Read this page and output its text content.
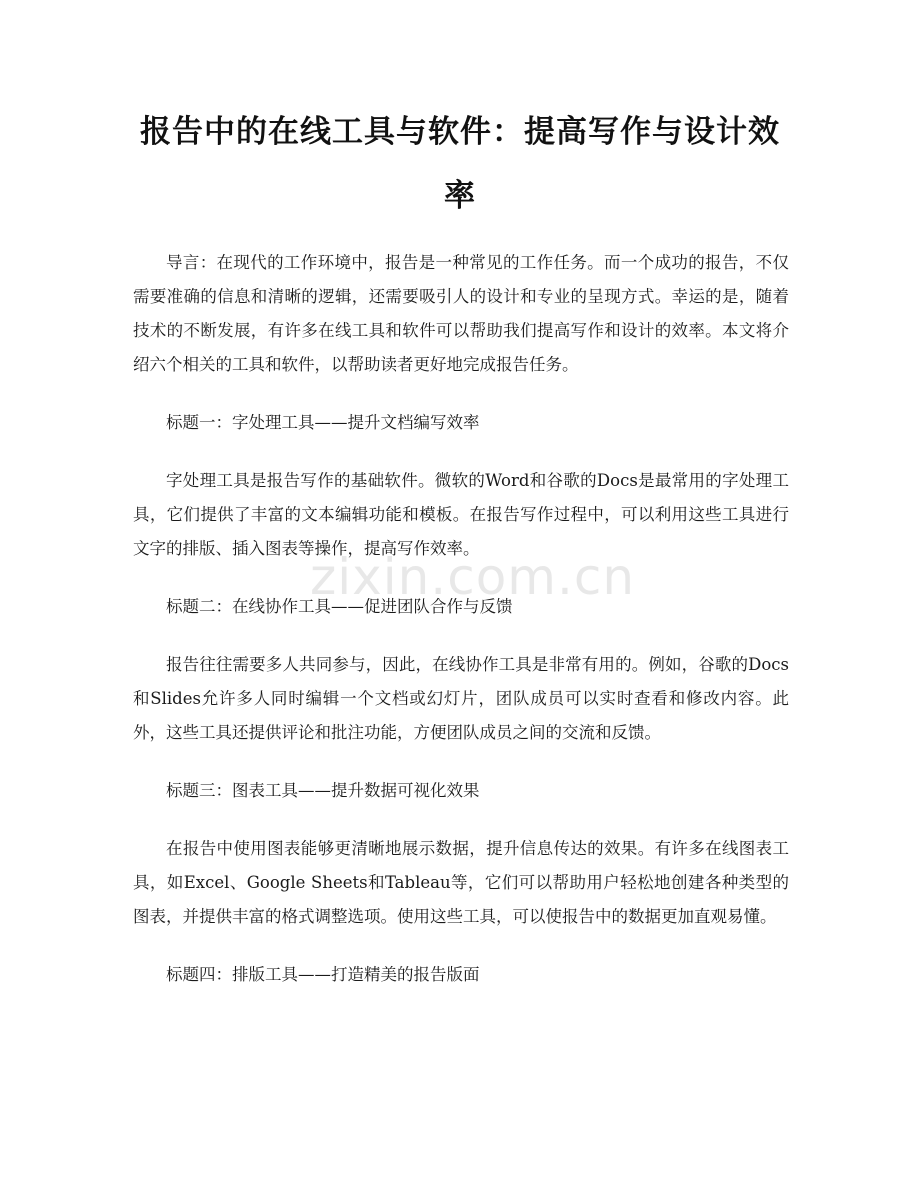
报告中的在线工具与软件：提高写作与设计效率

导言：在现代的工作环境中，报告是一种常见的工作任务。而一个成功的报告，不仅需要准确的信息和清晰的逻辑，还需要吸引人的设计和专业的呈现方式。幸运的是，随着技术的不断发展，有许多在线工具和软件可以帮助我们提高写作和设计的效率。本文将介绍六个相关的工具和软件，以帮助读者更好地完成报告任务。

标题一：字处理工具——提升文档编写效率

字处理工具是报告写作的基础软件。微软的Word和谷歌的Docs是最常用的字处理工具，它们提供了丰富的文本编辑功能和模板。在报告写作过程中，可以利用这些工具进行文字的排版、插入图表等操作，提高写作效率。

标题二：在线协作工具——促进团队合作与反馈

报告往往需要多人共同参与，因此，在线协作工具是非常有用的。例如，谷歌的Docs和Slides允许多人同时编辑一个文档或幻灯片，团队成员可以实时查看和修改内容。此外，这些工具还提供评论和批注功能，方便团队成员之间的交流和反馈。

标题三：图表工具——提升数据可视化效果

在报告中使用图表能够更清晰地展示数据，提升信息传达的效果。有许多在线图表工具，如Excel、Google Sheets和Tableau等，它们可以帮助用户轻松地创建各种类型的图表，并提供丰富的格式调整选项。使用这些工具，可以使报告中的数据更加直观易懂。

标题四：排版工具——打造精美的报告版面

zixin.com.cn
